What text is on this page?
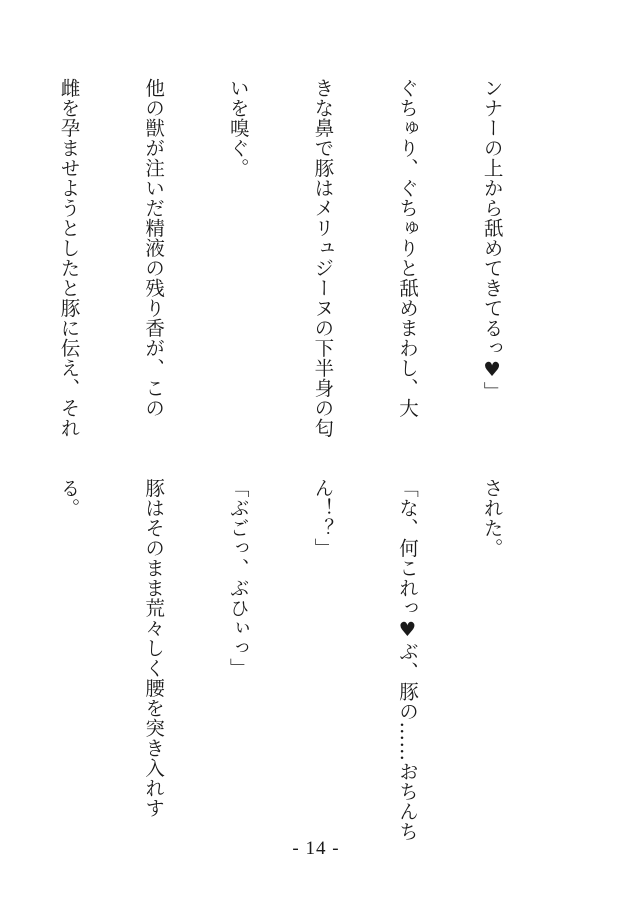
ンナーの上から舐めてきてるっ♥」

ぐちゅり、ぐちゅりと舐めまわし、大

きな鼻で豚はメリュジーヌの下半身の匂

いを嗅ぐ。

他の獣が注いだ精液の残り香が、この

雌を孕ませようとしたと豚に伝え、それ

された。

「な、何これっ♥ぶ、豚の……おちんち

ん！？」

「ぶごっ、ぶひぃっ」

豚はそのまま荒々しく腰を突き入れす

る。

- 14 -
